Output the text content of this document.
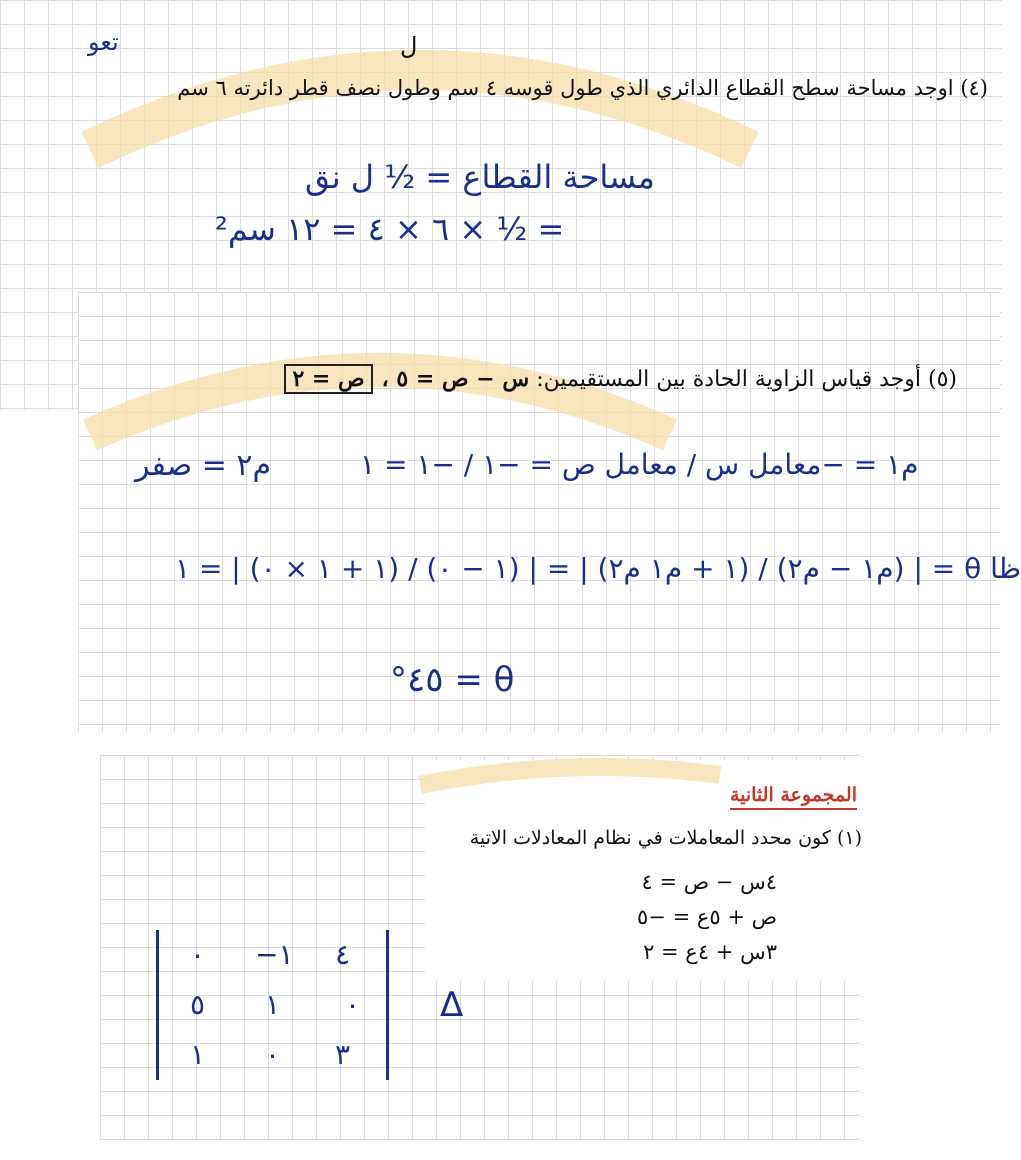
تعو	ل
(٤) اوجد مساحة سطح القطاع الدائري الذي طول قوسه ٤ سم وطول نصف قطر دائرته ٦ سم
مساحة القطاع = ½ ل نق
= ½ × ٦ × ٤ = ١٢ سم²
(٥) أوجد قياس الزاوية الحادة بين المستقيمين: س − ص = ٥ ، ص = ٢
م٢ = صفر	م١ = −معامل س / معامل ص = −١ / −١ = ١
ظا θ = | (م١ − م٢) / (١ + م١ م٢) | = | (١ − ٠) / (١ + ١ × ٠) | = ١
θ = ٤٥°
المجموعة الثانية
(١) كون محدد المعاملات في نظام المعادلات الاتية
٤س − ص = ٤
ص + ٥ع = −٥
٣س + ٤ع = ٢
٠ −١ ٤
٥ ١ ٠
١ ٠ ٣
Δ
